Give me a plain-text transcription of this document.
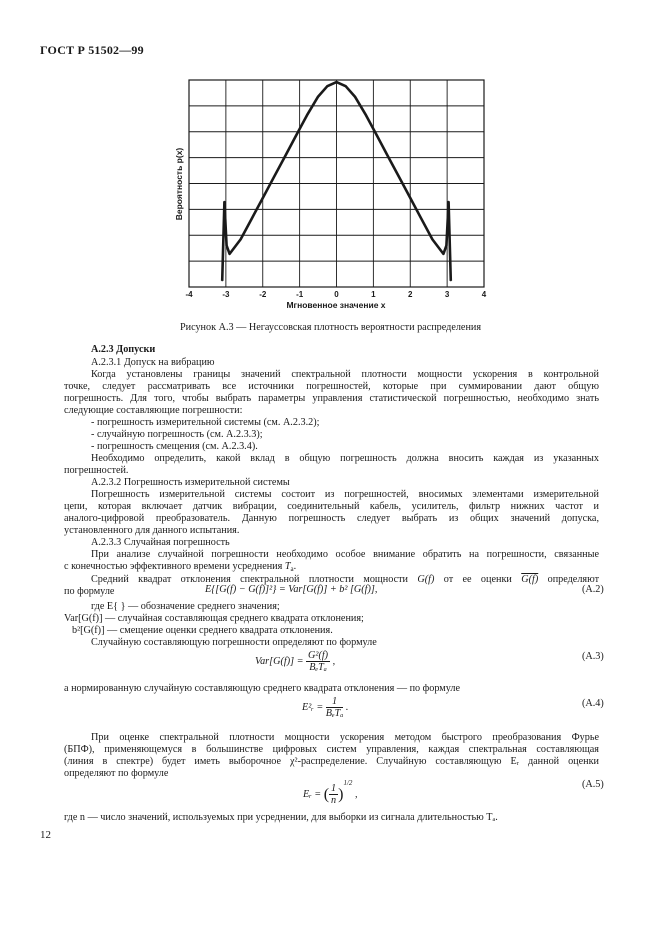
ГОСТ Р 51502—99
-4	-3	-2	-1	0	1	2	3	4
Вероятность p(x)
Мгновенное значение x
Рисунок А.3 — Негауссовская плотность вероятности распределения
А.2.3 Допуски
А.2.3.1 Допуск на вибрацию
Когда установлены границы значений спектральной плотности мощности ускорения в контрольной
точке, следует рассматривать все источники погрешностей, которые при суммировании дают общую
погрешность. Для того, чтобы выбрать параметры управления статистической погрешностью, необходимо знать
следующие составляющие погрешности:
- погрешность измерительной системы (см. А.2.3.2);
- случайную погрешность (см. А.2.3.3);
- погрешность смещения (см. А.2.3.4).
Необходимо определить, какой вклад в общую погрешность должна вносить каждая из указанных
погрешностей.
А.2.3.2 Погрешность измерительной системы
Погрешность измерительной системы состоит из погрешностей, вносимых элементами измерительной
цепи, которая включает датчик вибрации, соединительный кабель, усилитель, фильтр нижних частот и
аналого-цифровой преобразователь. Данную погрешность следует выбрать из общих значений допуска,
установленного для данного испытания.
А.2.3.3 Случайная погрешность
При анализе случайной погрешности необходимо особое внимание обратить на погрешности, связанные
с конечностью эффективного времени усреднения $T_a$.
Средний квадрат отклонения спектральной плотности мощности G(f) от ее оценки G(f) определяют
по формуле	E{[G(f) − G(f)]²} = Var[G(f)] + b² [G(f)],	(А.2)
где E{ } — обозначение среднего значения;
Var[G(f)] — случайная составляющая среднего квадрата отклонения;
b²[G(f)] — смещение оценки среднего квадрата отклонения.
Случайную составляющую погрешности определяют по формуле
$Var[G(f)] = \frac{\text{G²(f)}}{\text{BₑTₐ}}$ ,	(А.3)
а нормированную случайную составляющую среднего квадрата отклонения — по формуле
E²ᵣ = $\frac{1}{\text{BₑTₐ}}$ .	(А.4)
При оценке спектральной плотности мощности ускорения методом быстрого преобразования Фурье
(БПФ), применяющемуся в большинстве цифровых систем управления, каждая спектральная составляющая
(линия в спектре) будет иметь выборочное χ²-распределение. Случайную составляющую Eᵣ данной оценки
определяют по формуле
Eᵣ = ( $\frac{1}{n} )^{1/2}$ ,
(А.5)
где n — число значений, используемых при усреднении, для выборки из сигнала длительностью Tₐ.
12
